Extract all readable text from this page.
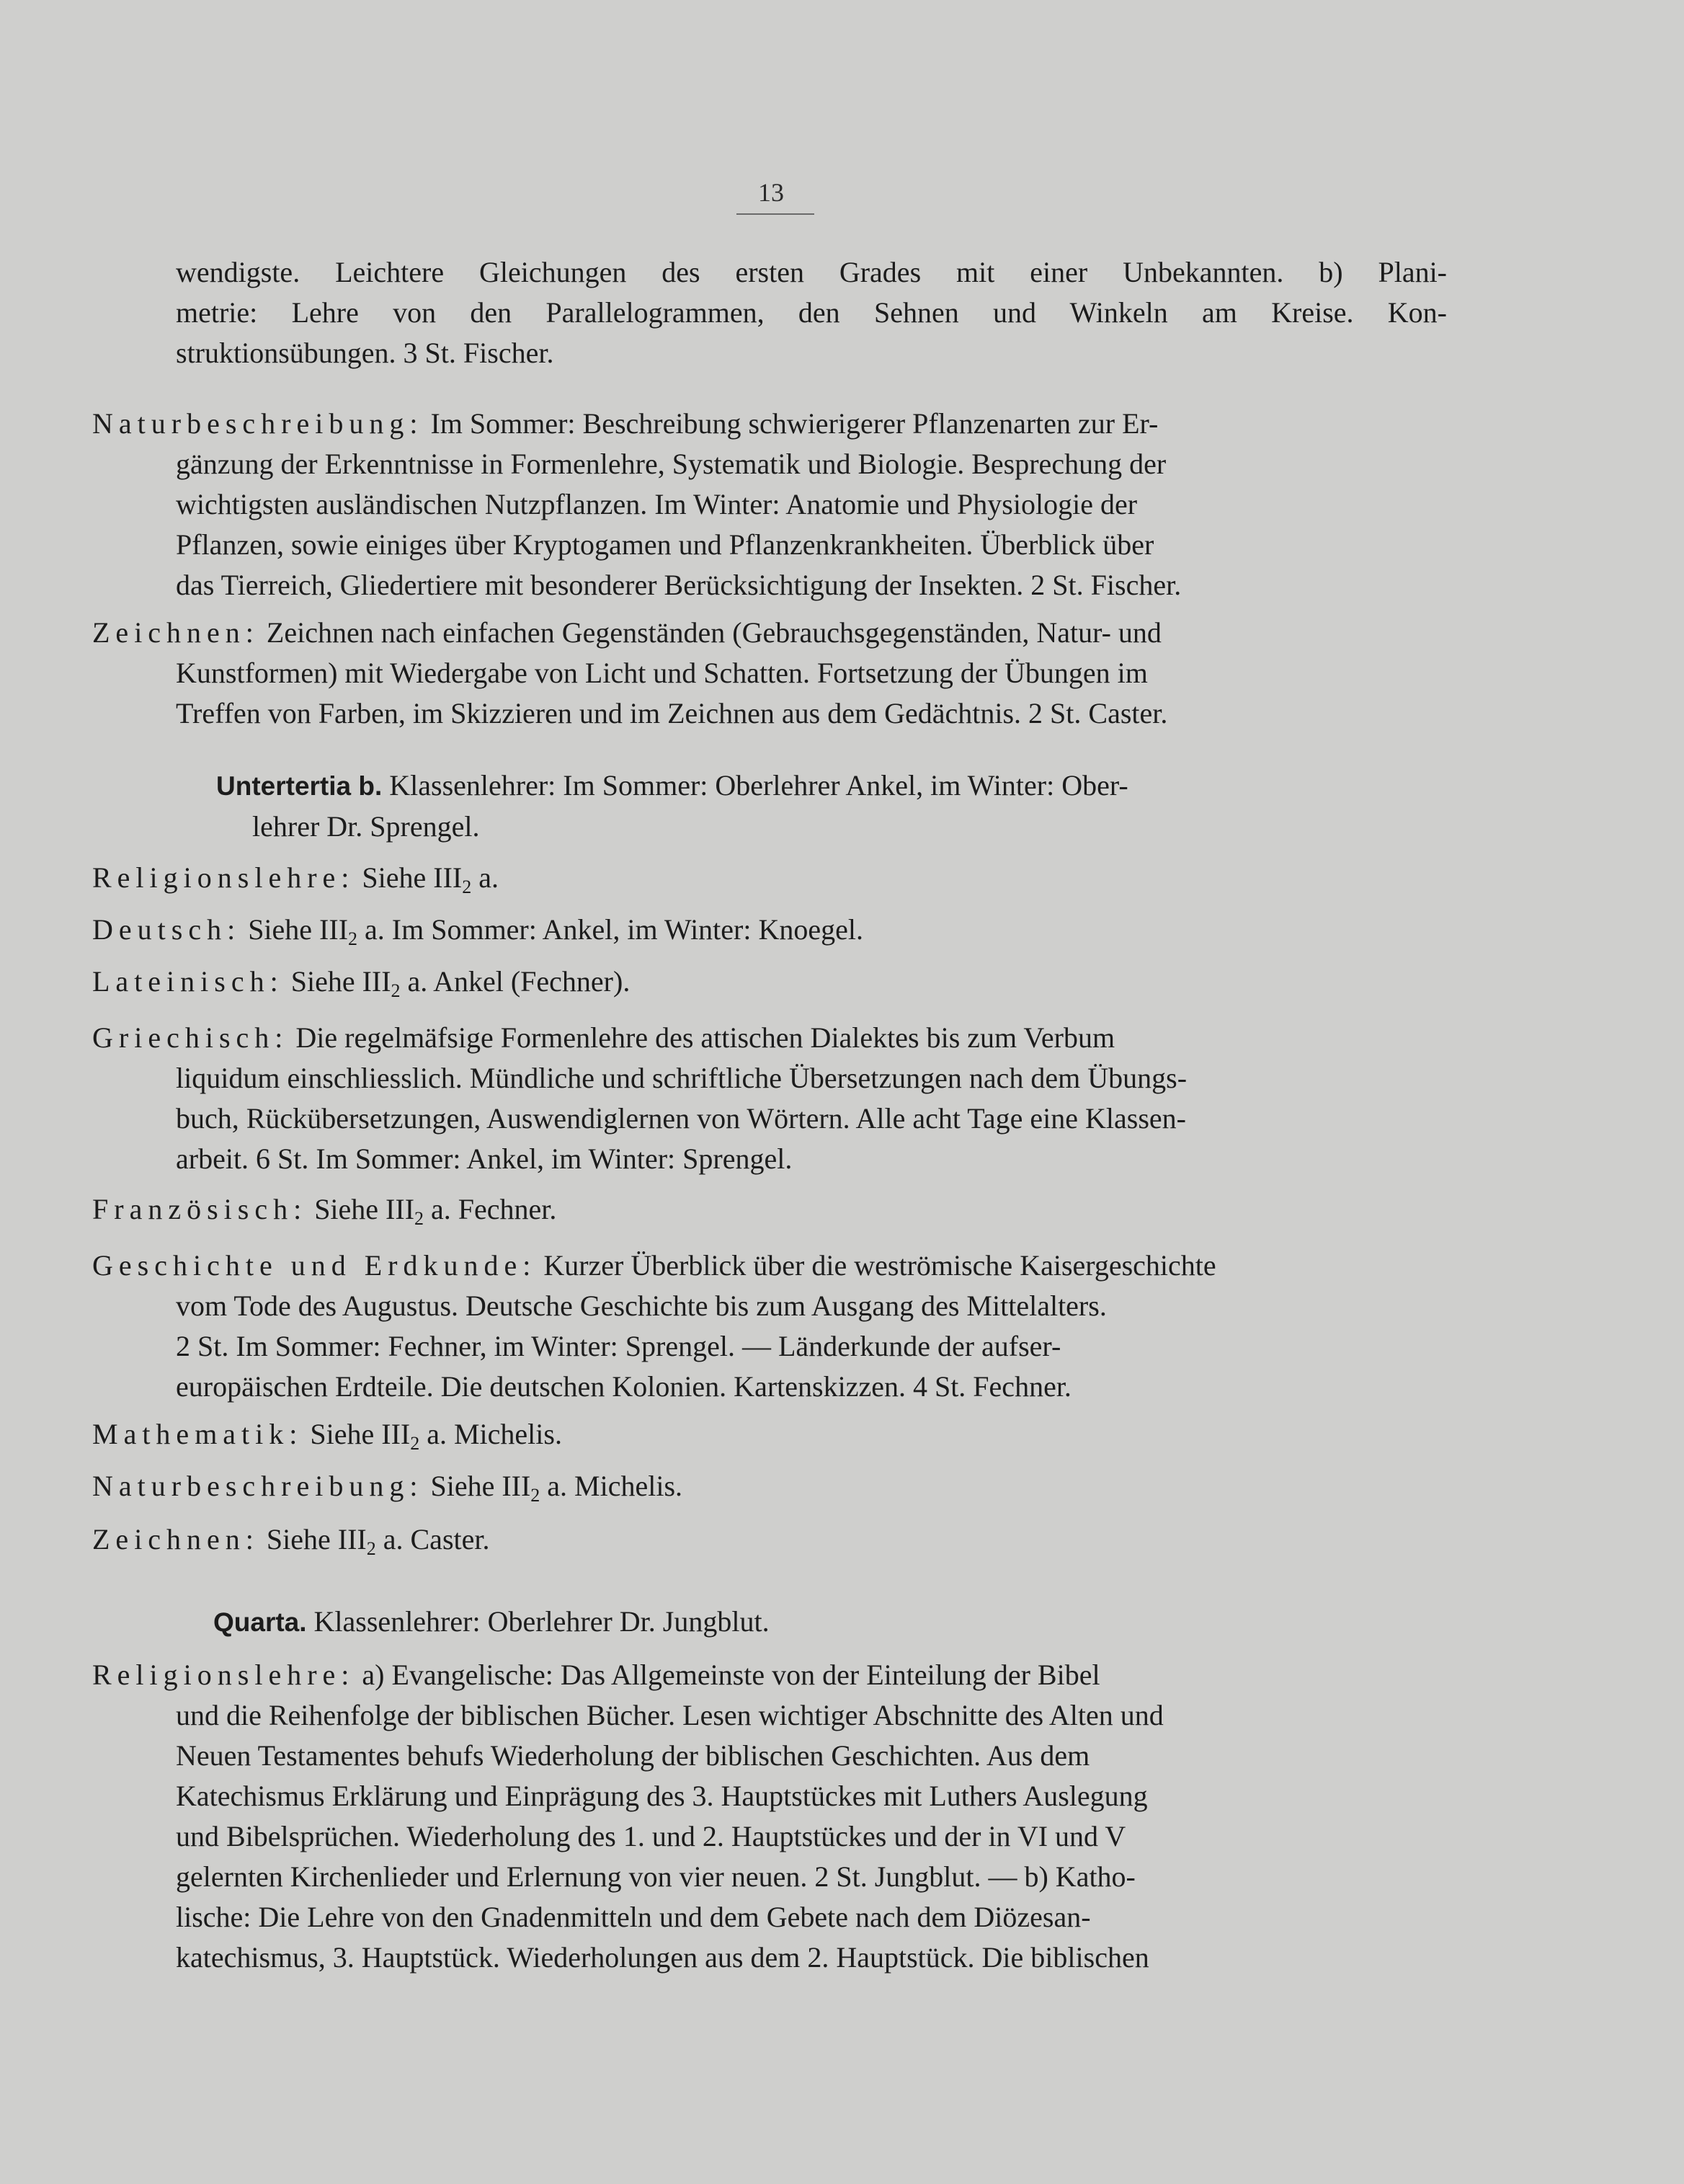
13
wendigste. Leichtere Gleichungen des ersten Grades mit einer Unbekannten. b) Plani-
metrie: Lehre von den Parallelogrammen, den Sehnen und Winkeln am Kreise. Kon-
struktionsübungen. 3 St. Fischer.
Naturbeschreibung: Im Sommer: Beschreibung schwierigerer Pflanzenarten zur Er-
gänzung der Erkenntnisse in Formenlehre, Systematik und Biologie. Besprechung der
wichtigsten ausländischen Nutzpflanzen. Im Winter: Anatomie und Physiologie der
Pflanzen, sowie einiges über Kryptogamen und Pflanzenkrankheiten. Überblick über
das Tierreich, Gliedertiere mit besonderer Berücksichtigung der Insekten. 2 St. Fischer.
Zeichnen: Zeichnen nach einfachen Gegenständen (Gebrauchsgegenständen, Natur- und
Kunstformen) mit Wiedergabe von Licht und Schatten. Fortsetzung der Übungen im
Treffen von Farben, im Skizzieren und im Zeichnen aus dem Gedächtnis. 2 St. Caster.
Untertertia b. Klassenlehrer: Im Sommer: Oberlehrer Ankel, im Winter: Ober-
lehrer Dr. Sprengel.
Religionslehre: Siehe $III_2$ a.
Deutsch: Siehe $III_2$ a. Im Sommer: Ankel, im Winter: Knoegel.
Lateinisch: Siehe $III_2$ a. Ankel (Fechner).
Griechisch: Die regelmäfsige Formenlehre des attischen Dialektes bis zum Verbum
liquidum einschliesslich. Mündliche und schriftliche Übersetzungen nach dem Übungs-
buch, Rückübersetzungen, Auswendiglernen von Wörtern. Alle acht Tage eine Klassen-
arbeit. 6 St. Im Sommer: Ankel, im Winter: Sprengel.
Französisch: Siehe $III_2$ a. Fechner.
Geschichte und Erdkunde: Kurzer Überblick über die weströmische Kaisergeschichte
vom Tode des Augustus. Deutsche Geschichte bis zum Ausgang des Mittelalters.
2 St. Im Sommer: Fechner, im Winter: Sprengel. — Länderkunde der aufser-
europäischen Erdteile. Die deutschen Kolonien. Kartenskizzen. 4 St. Fechner.
Mathematik: Siehe $III_2$ a. Michelis.
Naturbeschreibung: Siehe $III_2$ a. Michelis.
Zeichnen: Siehe $III_2$ a. Caster.
Quarta. Klassenlehrer: Oberlehrer Dr. Jungblut.
Religionslehre: a) Evangelische: Das Allgemeinste von der Einteilung der Bibel
und die Reihenfolge der biblischen Bücher. Lesen wichtiger Abschnitte des Alten und
Neuen Testamentes behufs Wiederholung der biblischen Geschichten. Aus dem
Katechismus Erklärung und Einprägung des 3. Hauptstückes mit Luthers Auslegung
und Bibelsprüchen. Wiederholung des 1. und 2. Hauptstückes und der in VI und V
gelernten Kirchenlieder und Erlernung von vier neuen. 2 St. Jungblut. — b) Katho-
lische: Die Lehre von den Gnadenmitteln und dem Gebete nach dem Diözesan-
katechismus, 3. Hauptstück. Wiederholungen aus dem 2. Hauptstück. Die biblischen
